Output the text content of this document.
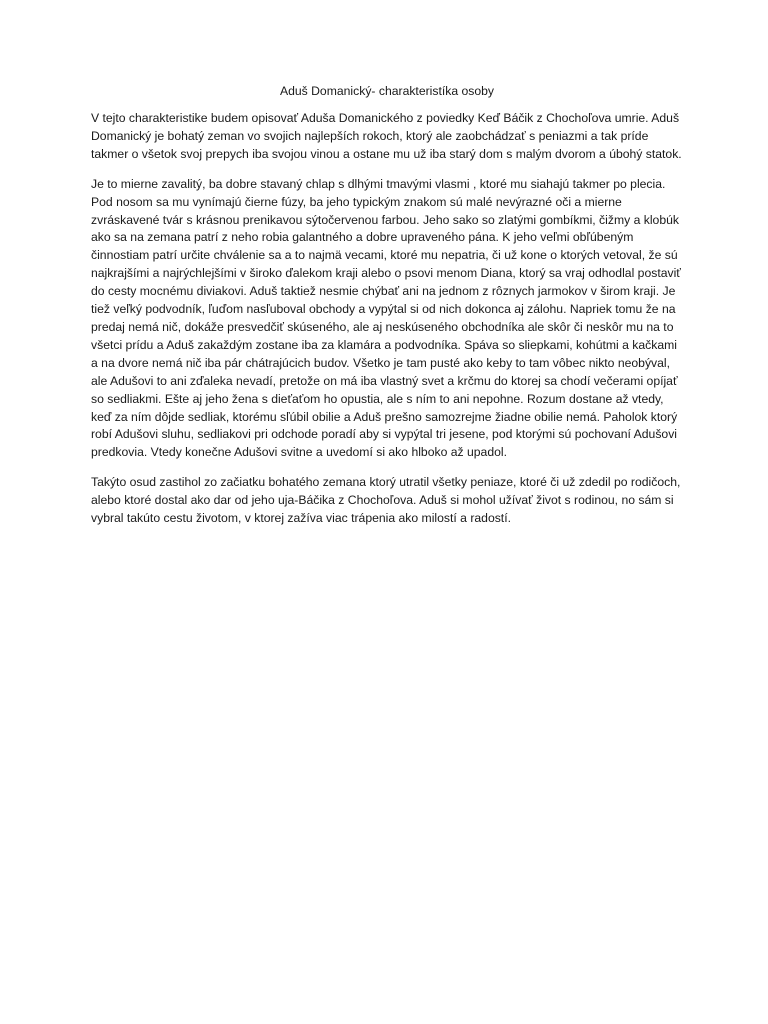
Aduš Domanický- charakteristíka osoby

V tejto charakteristike budem opisovať Aduša Domanického z poviedky Keď Báčik z Chochoľova umrie. Aduš Domanický je bohatý zeman vo svojich najlepších rokoch, ktorý ale zaobchádzať s peniazmi a tak príde takmer o všetok svoj prepych iba svojou vinou a ostane mu už iba starý dom s malým dvorom a úbohý statok.

Je to mierne zavalitý, ba dobre stavaný chlap s dlhými tmavými vlasmi , ktoré mu siahajú takmer po plecia. Pod nosom sa mu vynímajú čierne fúzy, ba jeho typickým znakom sú malé nevýrazné oči a mierne zvráskavené tvár s krásnou prenikavou sýtočervenou farbou. Jeho sako so zlatými gombíkmi, čižmy a klobúk ako sa na zemana patrí z neho robia galantného a dobre upraveného pána. K jeho veľmi obľúbeným činnostiam patrí určite chválenie sa a to najmä vecami, ktoré mu nepatria, či už kone o ktorých vetoval, že sú najkrajšími a najrýchlejšími v široko ďalekom kraji alebo o psovi menom Diana, ktorý sa vraj odhodlal postaviť do cesty mocnému diviakovi. Aduš taktiež nesmie chýbať ani na jednom z rôznych jarmokov v širom kraji. Je tiež veľký podvodník, ľuďom nasľuboval obchody a vypýtal si od nich dokonca aj zálohu. Napriek tomu že na predaj nemá nič, dokáže presvedčiť skúseného, ale aj neskúseného obchodníka ale skôr či neskôr mu na to všetci prídu a Aduš zakaždým zostane iba za klamára a podvodníka. Spáva so sliepkami, kohútmi a kačkami a na dvore nemá nič iba pár chátrajúcich budov. Všetko je tam pusté ako keby to tam vôbec nikto neobýval, ale Adušovi to ani zďaleka nevadí, pretože on má iba vlastný svet a krčmu do ktorej sa chodí večerami opíjať so sedliakmi. Ešte aj jeho žena s dieťaťom ho opustia, ale s ním to ani nepohne. Rozum dostane až vtedy, keď za ním dôjde sedliak, ktorému sľúbil obilie a Aduš prešno samozrejme žiadne obilie nemá. Paholok ktorý robí Adušovi sluhu, sedliakovi pri odchode poradí aby si vypýtal tri jesene, pod ktorými sú pochovaní Adušovi predkovia. Vtedy konečne Adušovi svitne a uvedomí si ako hlboko až upadol.

Takýto osud zastihol zo začiatku bohatého zemana ktorý utratil všetky peniaze, ktoré či už zdedil po rodičoch, alebo ktoré dostal ako dar od jeho uja-Báčika z Chochoľova. Aduš si mohol užívať život s rodinou, no sám si vybral takúto cestu životom, v ktorej zažíva viac trápenia ako milostí a radostí.
